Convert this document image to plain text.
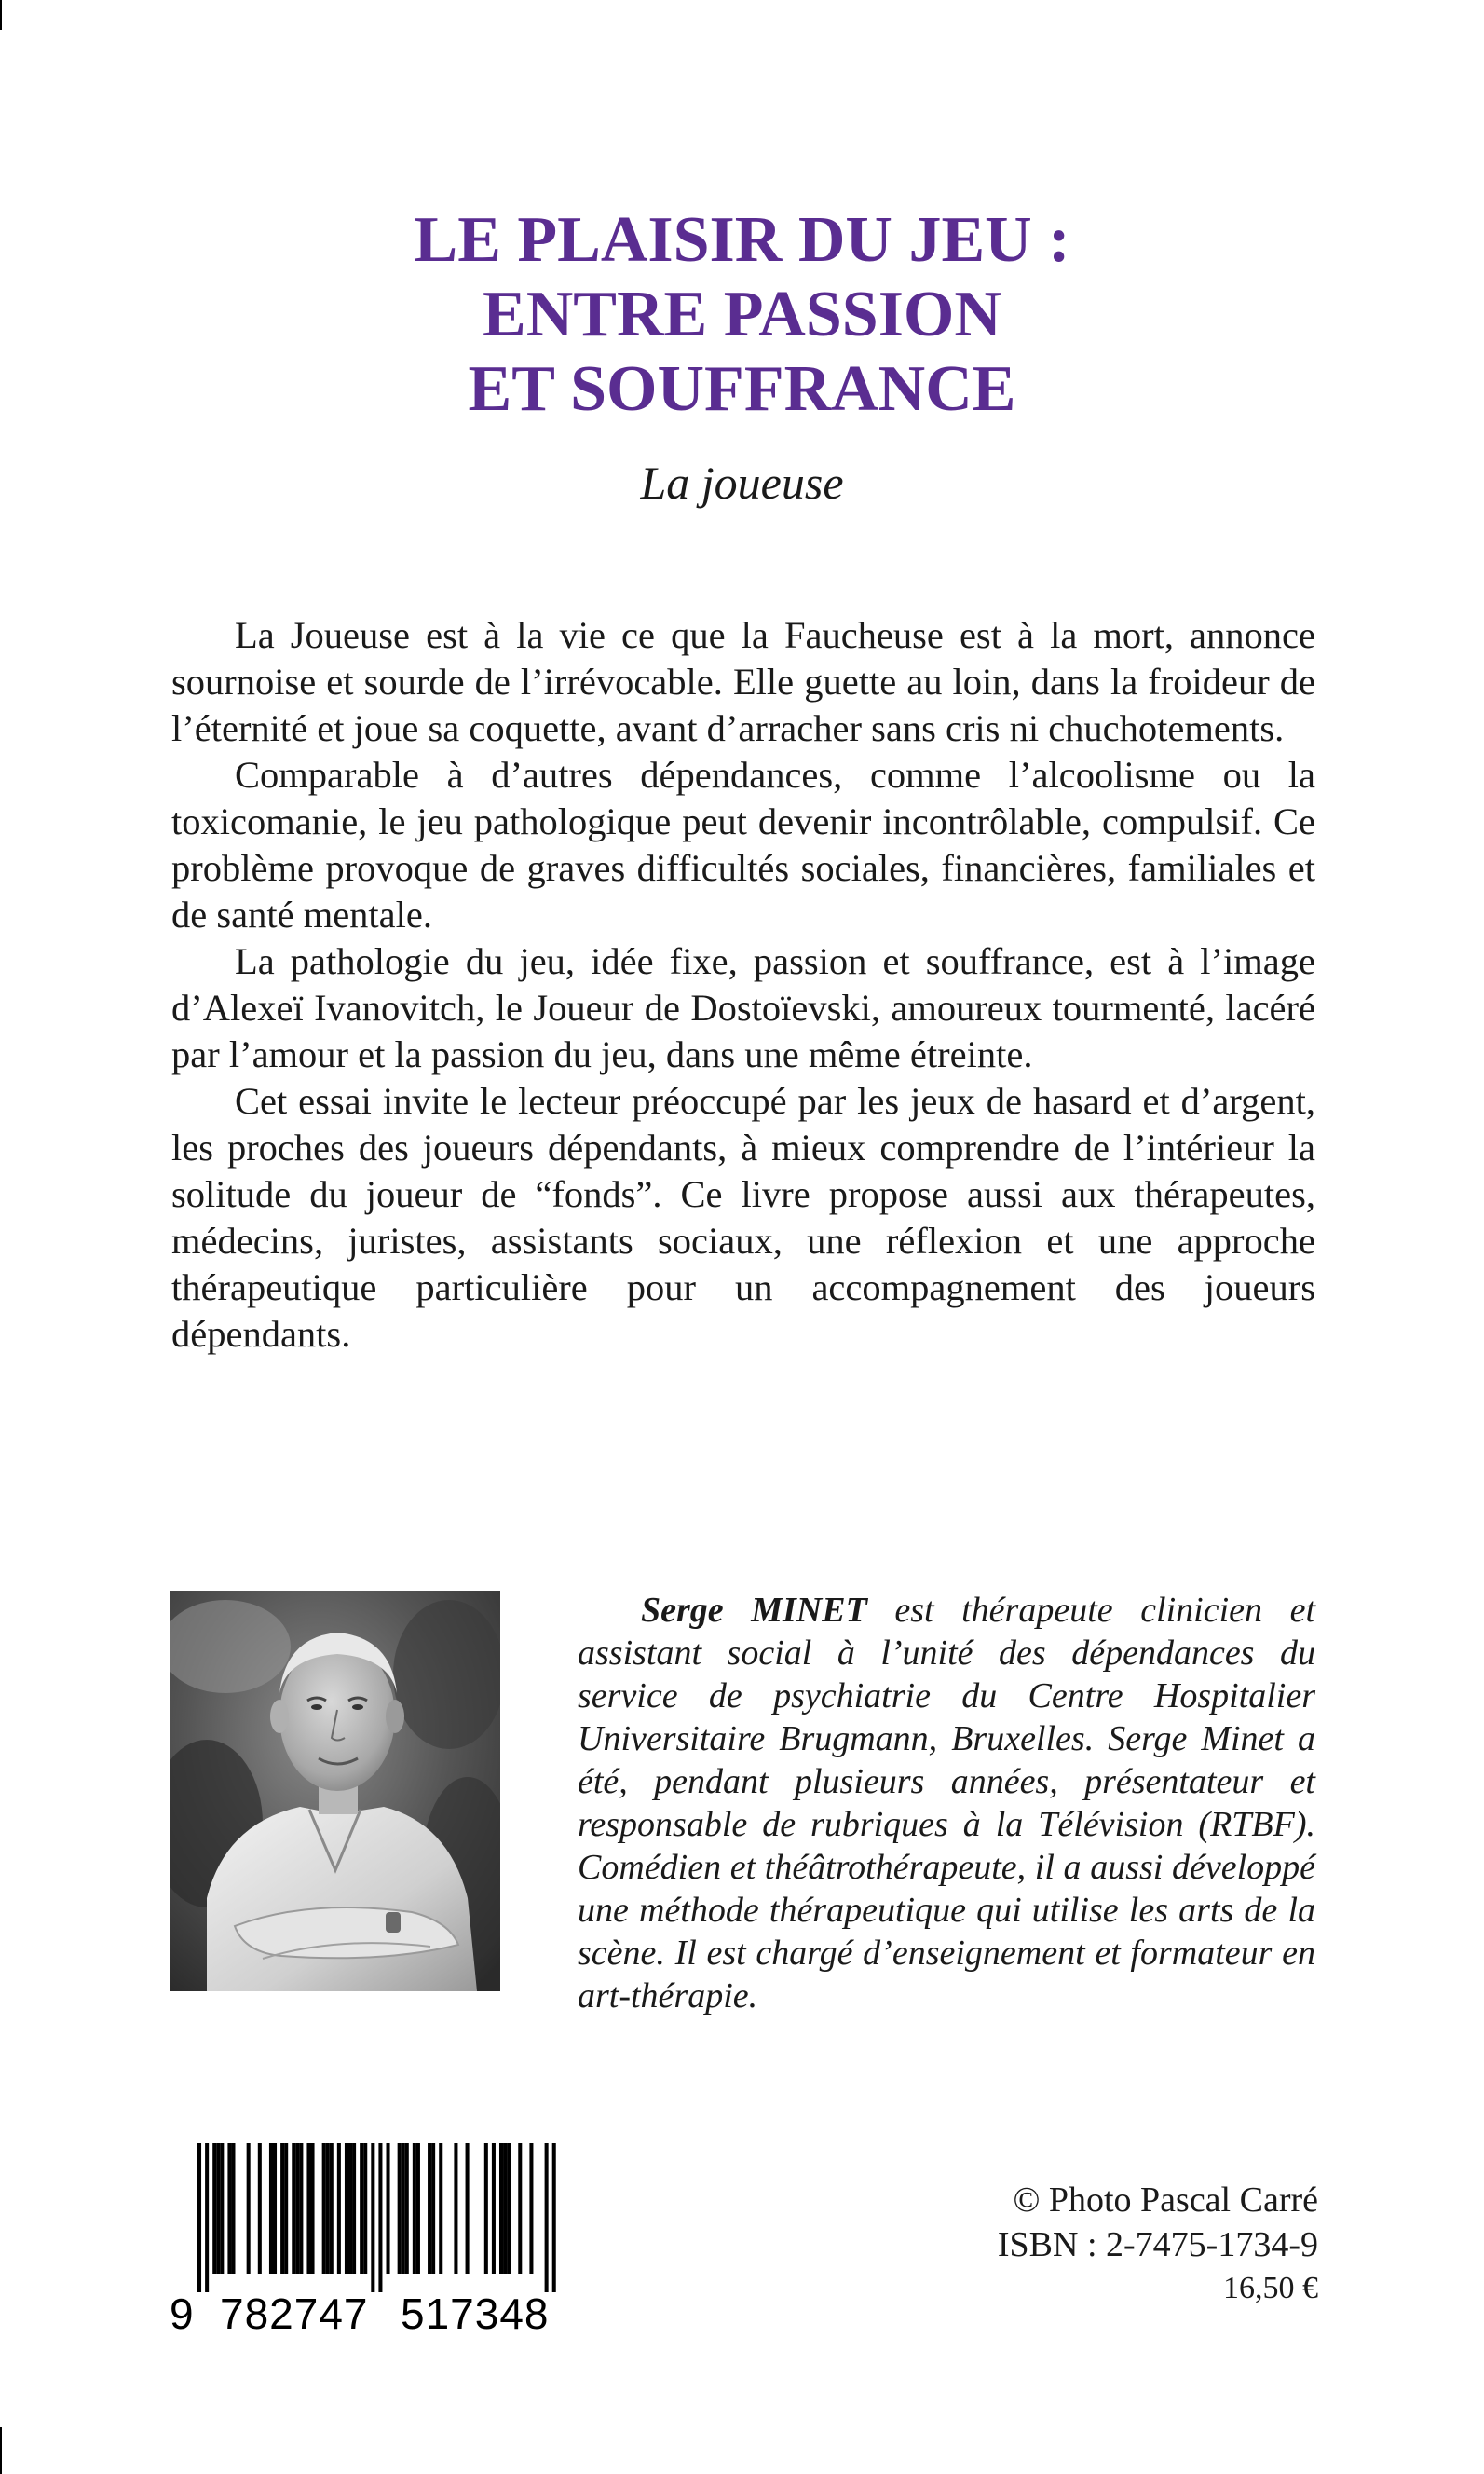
LE PLAISIR DU JEU :
ENTRE PASSION
ET SOUFFRANCE
La joueuse

La Joueuse est à la vie ce que la Faucheuse est à la mort, annonce sournoise et sourde de l’irrévocable. Elle guette au loin, dans la froideur de l’éternité et joue sa coquette, avant d’arracher sans cris ni chuchotements.

Comparable à d’autres dépendances, comme l’alcoolisme ou la toxicomanie, le jeu pathologique peut devenir incontrôlable, compulsif. Ce problème provoque de graves difficultés sociales, financières, familiales et de santé mentale.

La pathologie du jeu, idée fixe, passion et souffrance, est à l’image d’Alexeï Ivanovitch, le Joueur de Dostoïevski, amoureux tourmenté, lacéré par l’amour et la passion du jeu, dans une même étreinte.

Cet essai invite le lecteur préoccupé par les jeux de hasard et d’argent, les proches des joueurs dépendants, à mieux comprendre de l’intérieur la solitude du joueur de “fonds”. Ce livre propose aussi aux thérapeutes, médecins, juristes, assistants sociaux, une réflexion et une approche thérapeutique particulière pour un accompagnement des joueurs dépendants.

Serge MINET est thérapeute clinicien et assistant social à l’unité des dépendances du service de psychiatrie du Centre Hospitalier Universitaire Brugmann, Bruxelles. Serge Minet a été, pendant plusieurs années, présentateur et responsable de rubriques à la Télévision (RTBF). Comédien et théâtrothérapeute, il a aussi développé une méthode thérapeutique qui utilise les arts de la scène. Il est chargé d’enseignement et formateur en art-thérapie.

9 782747 517348
© Photo Pascal Carré
ISBN : 2-7475-1734-9
16,50 €
